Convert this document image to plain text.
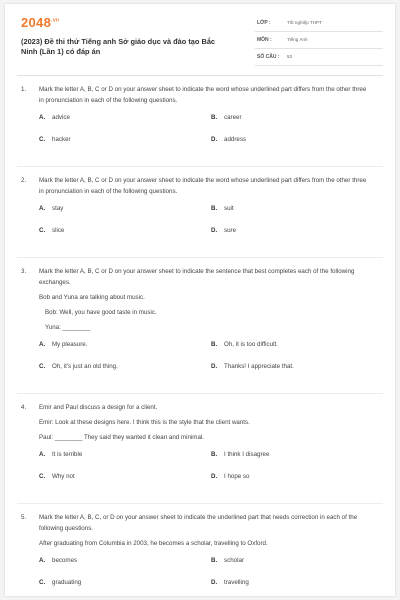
$2048^{.vn}$
(2023) Đề thi thử Tiếng anh Sở giáo dục và đào tạo Bắc Ninh (Lần 1) có đáp án
LỚP :	Tốt nghiệp THPT
MÔN :	Tiếng Anh
SỐ CÂU : 53
1. Mark the letter A, B, C or D on your answer sheet to indicate the word whose underlined part differs from the other three in pronunciation in each of the following questions.
A. advice	B. career
C. hacker	D. address
2. Mark the letter A, B, C or D on your answer sheet to indicate the word whose underlined part differs from the other three in pronunciation in each of the following questions.
A. stay	B. suit
C. slice	D. sure
3. Mark the letter A, B, C or D on your answer sheet to indicate the sentence that best completes each of the following exchanges.
Bob and Yuna are talking about music.
Bob: Well, you have good taste in music.
Yuna: ________
A. My pleasure.	B. Oh, it is too difficult.
C. Oh, it's just an old thing.	D. Thanks! I appreciate that.
4. Emir and Paul discuss a design for a client.
Emir: Look at these designs here. I think this is the style that the client wants.
Paul: ________ They said they wanted it clean and minimal.
A. It is terrible	B. I think I disagree
C. Why not	D. I hope so
5. Mark the letter A, B, C, or D on your answer sheet to indicate the underlined part that needs correction in each of the following questions.
After graduating from Columbia in 2003, he becomes a scholar, travelling to Oxford.
A. becomes	B. scholar
C. graduating	D. travelling
